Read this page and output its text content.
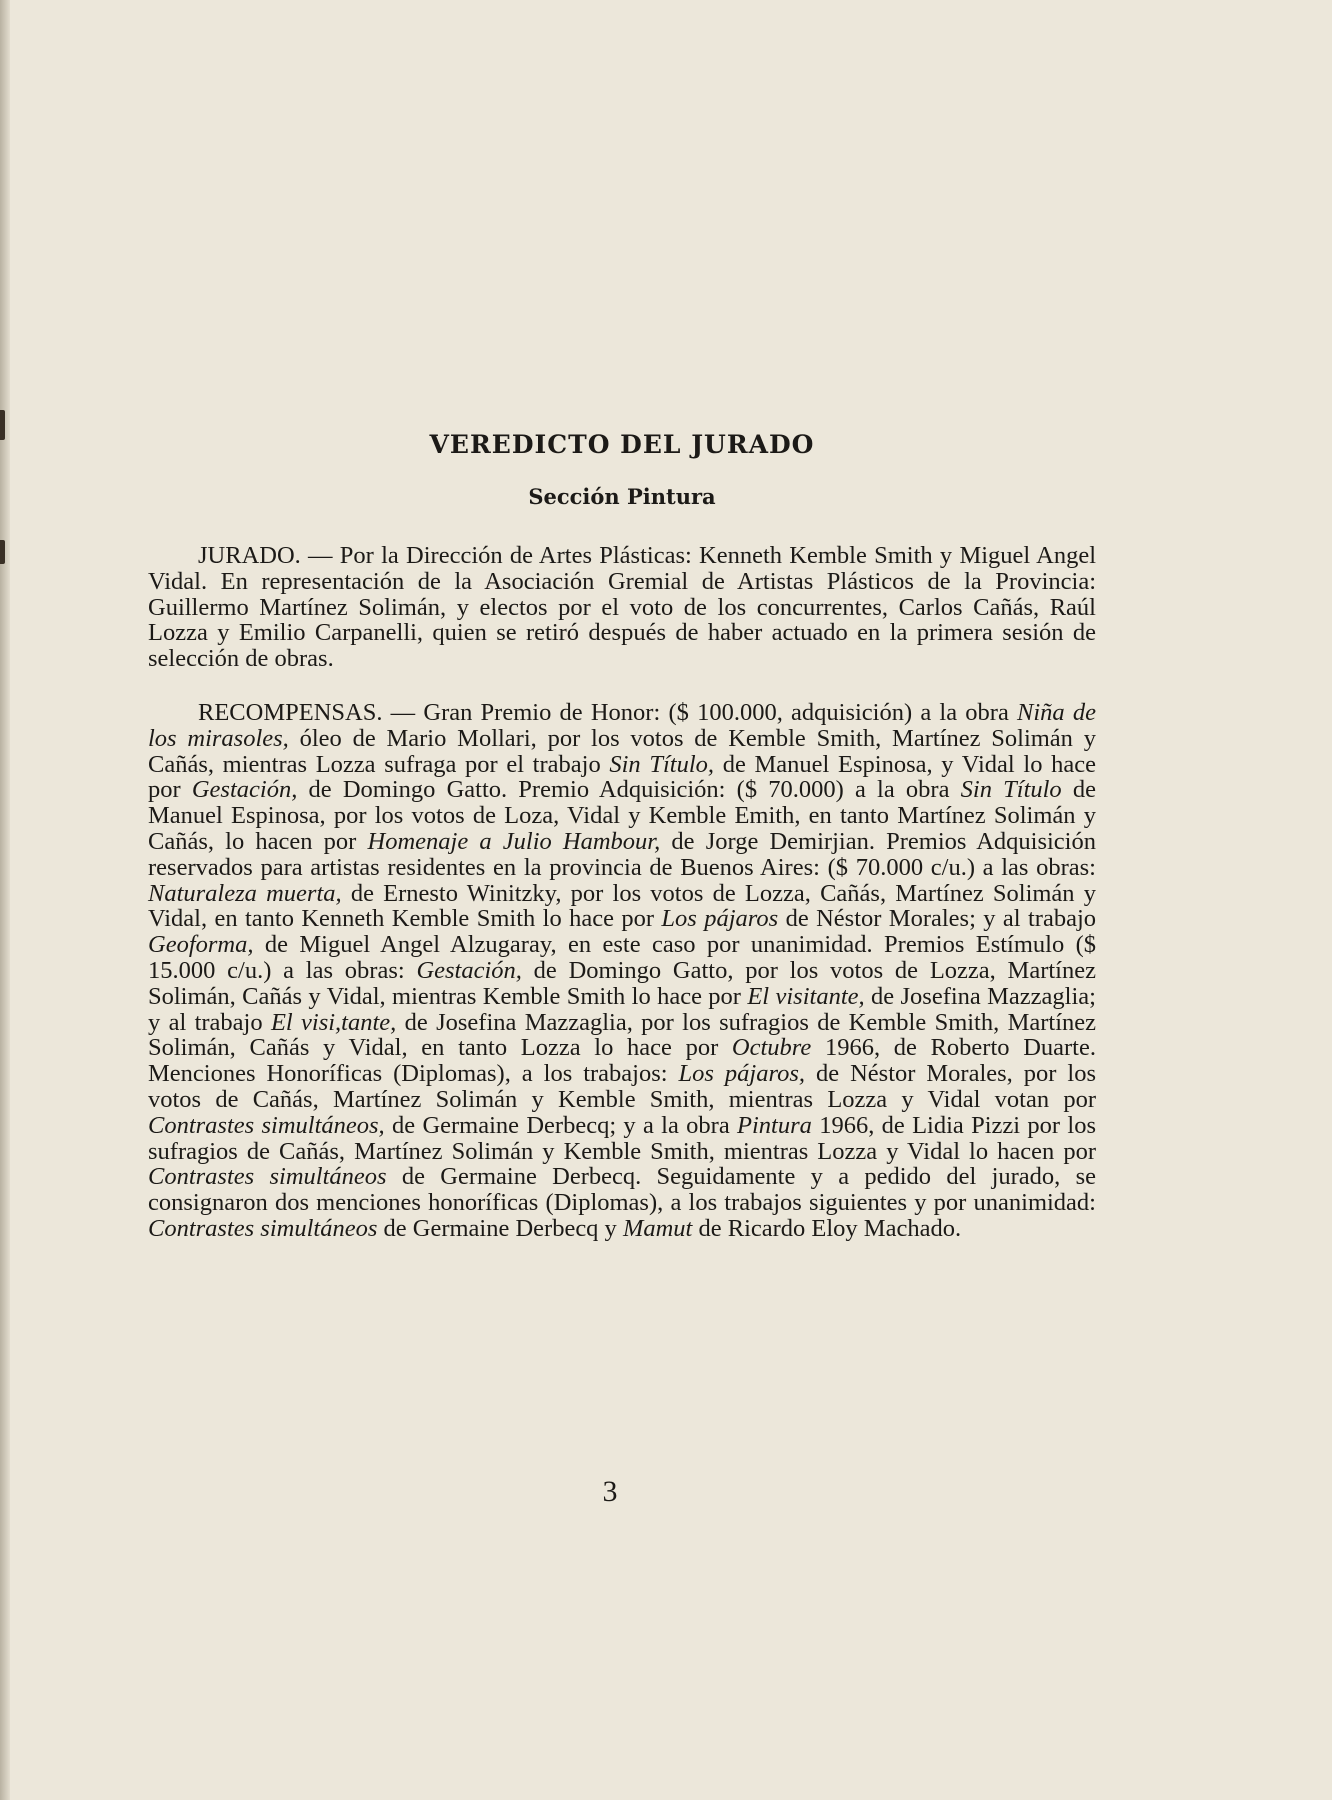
VEREDICTO DEL JURADO
Sección Pintura

JURADO. — Por la Dirección de Artes Plásticas: Kenneth Kemble Smith y Miguel Angel Vidal. En representación de la Asociación Gremial de Artistas Plásticos de la Provincia: Guillermo Martínez Solimán, y electos por el voto de los concurrentes, Carlos Cañás, Raúl Lozza y Emilio Carpanelli, quien se retiró después de haber actuado en la primera sesión de selección de obras.

RECOMPENSAS. — Gran Premio de Honor: ($ 100.000, adquisición) a la obra Niña de los mirasoles, óleo de Mario Mollari, por los votos de Kemble Smith, Martínez Solimán y Cañás, mientras Lozza sufraga por el trabajo Sin Título, de Manuel Espinosa, y Vidal lo hace por Gestación, de Domingo Gatto. Premio Adquisición: ($ 70.000) a la obra Sin Título de Manuel Espinosa, por los votos de Loza, Vidal y Kemble Emith, en tanto Martínez Solimán y Cañás, lo hacen por Homenaje a Julio Hambour, de Jorge Demirjian. Premios Adquisición reservados para artistas residentes en la provincia de Buenos Aires: ($ 70.000 c/u.) a las obras: Naturaleza muerta, de Ernesto Winitzky, por los votos de Lozza, Cañás, Martínez Solimán y Vidal, en tanto Kenneth Kemble Smith lo hace por Los pájaros de Néstor Morales; y al trabajo Geoforma, de Miguel Angel Alzugaray, en este caso por unanimidad. Premios Estímulo ($ 15.000 c/u.) a las obras: Gestación, de Domingo Gatto, por los votos de Lozza, Martínez Solimán, Cañás y Vidal, mientras Kemble Smith lo hace por El visitante, de Josefina Mazzaglia; y al trabajo El visi,tante, de Josefina Mazzaglia, por los sufragios de Kemble Smith, Martínez Solimán, Cañás y Vidal, en tanto Lozza lo hace por Octubre 1966, de Roberto Duarte. Menciones Honoríficas (Diplomas), a los trabajos: Los pájaros, de Néstor Morales, por los votos de Cañás, Martínez Solimán y Kemble Smith, mientras Lozza y Vidal votan por Contrastes simultáneos, de Germaine Derbecq; y a la obra Pintura 1966, de Lidia Pizzi por los sufragios de Cañás, Martínez Solimán y Kemble Smith, mientras Lozza y Vidal lo hacen por Contrastes simultáneos de Germaine Derbecq. Seguidamente y a pedido del jurado, se consignaron dos menciones honoríficas (Diplomas), a los trabajos siguientes y por unanimidad: Contrastes simultáneos de Germaine Derbecq y Mamut de Ricardo Eloy Machado.

3
